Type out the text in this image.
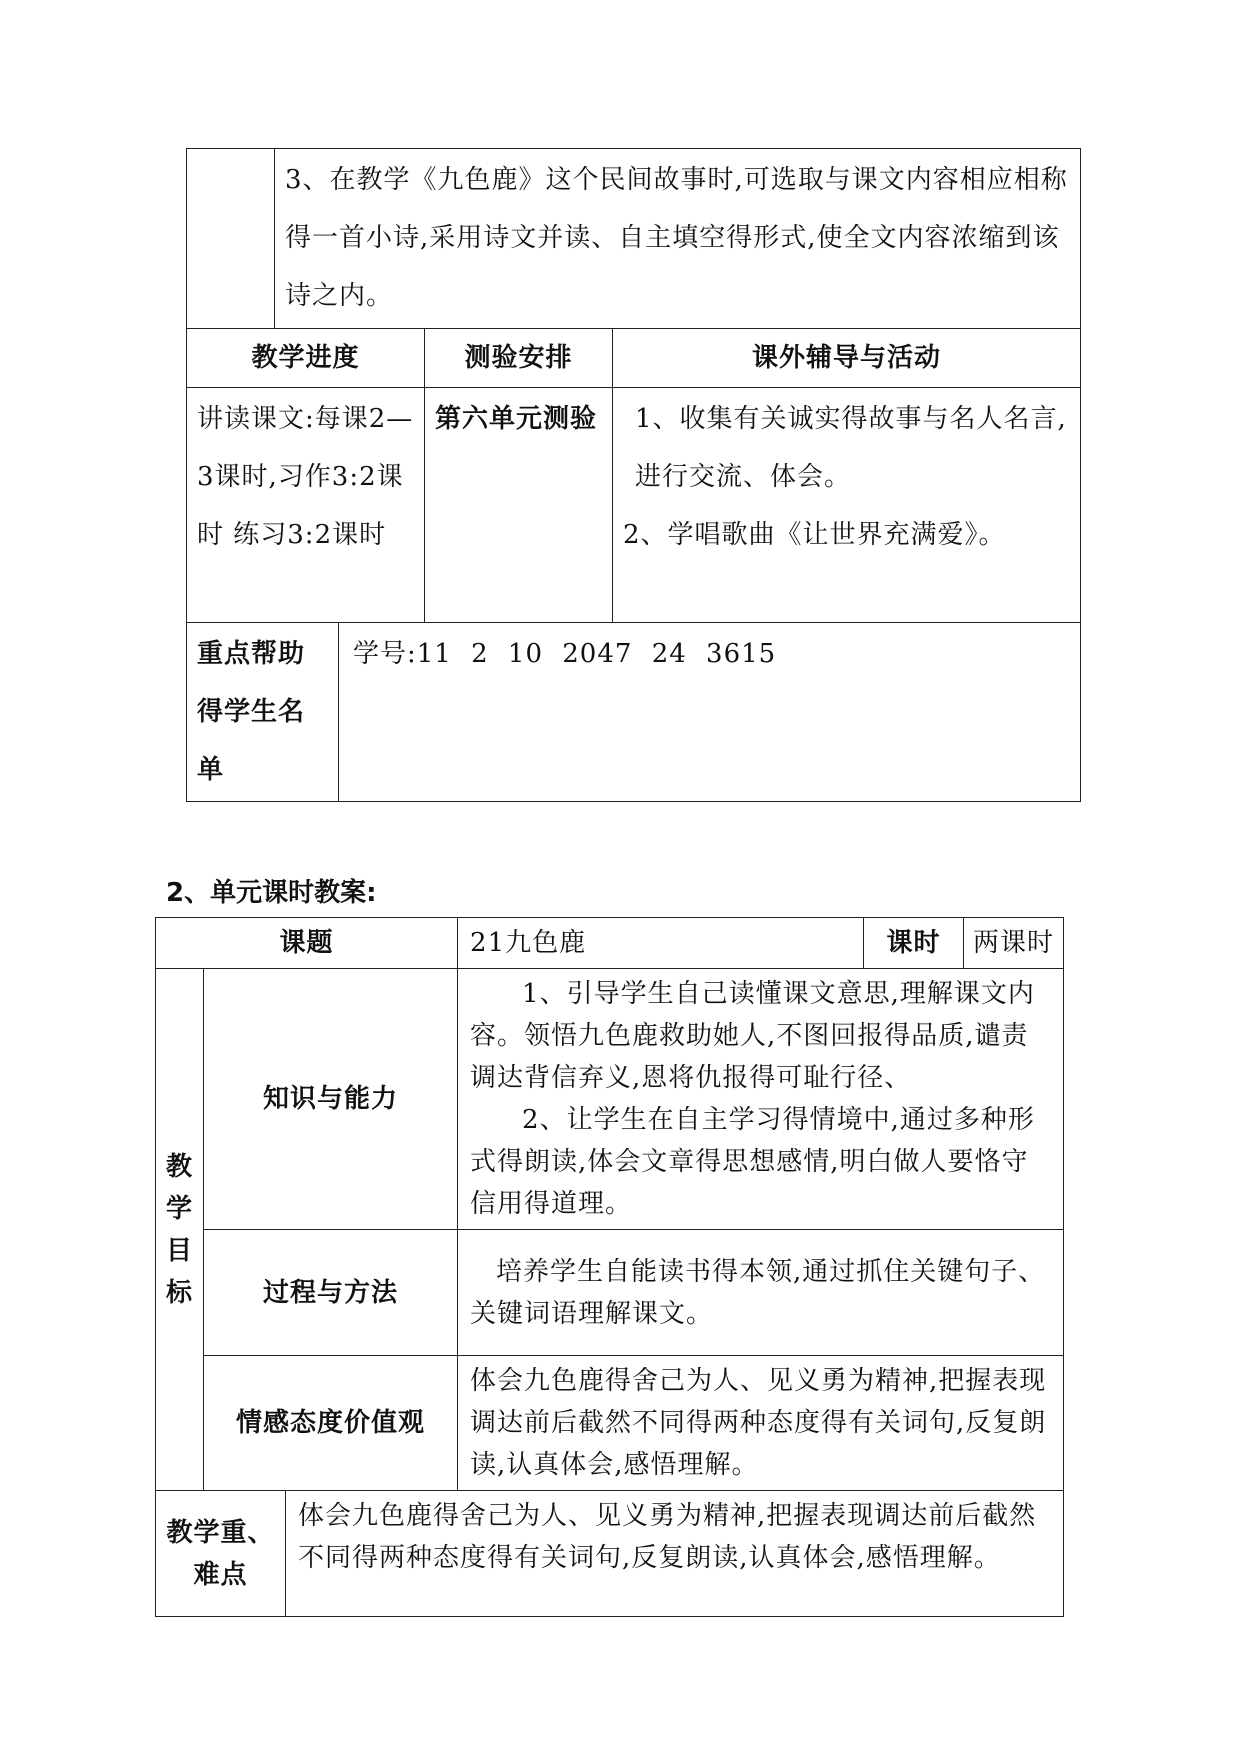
	3、在教学《九色鹿》这个民间故事时,可选取与课文内容相应相称得一首小诗,采用诗文并读、自主填空得形式,使全文内容浓缩到该诗之内。			
教学进度			测验安排	课外辅导与活动
讲读课文:每课2—3课时,习作3:2课时 练习3:2课时			第六单元测验	1、收集有关诚实得故事与名人名言,进行交流、体会。
2、学唱歌曲《让世界充满爱》。

重点帮助得学生名单		学号:11 2 10 2047 24 3615		
2、单元课时教案:
课题			21九色鹿	课时	两课时
教学目标	知识与能力		1、引导学生自己读懂课文意思,理解课文内容。领悟九色鹿救助她人,不图回报得品质,谴责调达背信弃义,恩将仇报得可耻行径、
2、让学生在自主学习得情境中,通过多种形式得朗读,体会文章得思想感情,明白做人要恪守信用得道理。		

	过程与方法		培养学生自能读书得本领,通过抓住关键句子、关键词语理解课文。		

	情感态度价值观		体会九色鹿得舍己为人、见义勇为精神,把握表现调达前后截然不同得两种态度得有关词句,反复朗读,认真体会,感悟理解。		

教学重、难点		体会九色鹿得舍己为人、见义勇为精神,把握表现调达前后截然不同得两种态度得有关词句,反复朗读,认真体会,感悟理解。			
